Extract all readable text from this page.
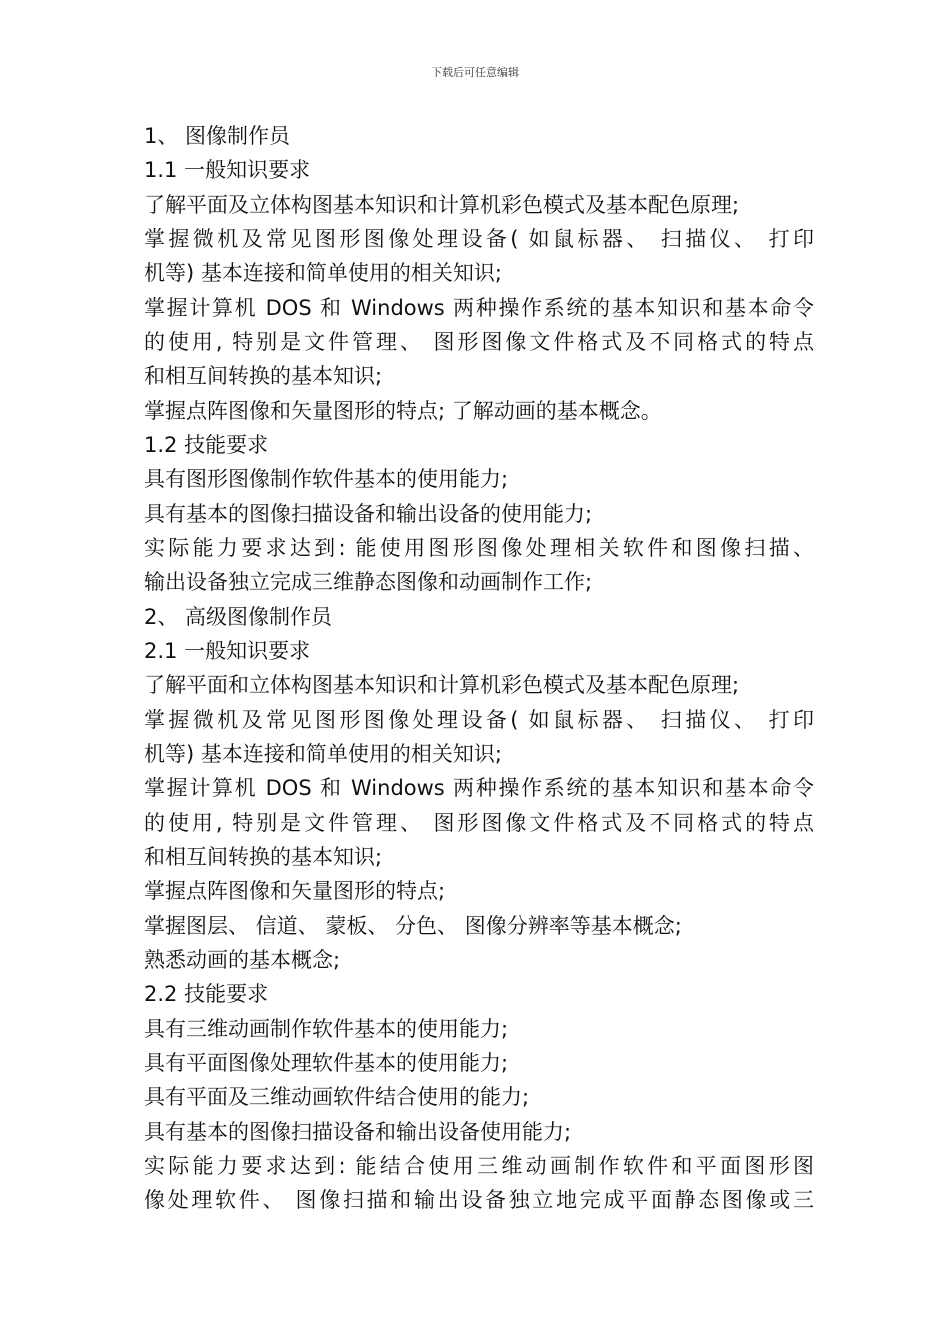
下载后可任意编辑
1、 图像制作员
1.1 一般知识要求
了解平面及立体构图基本知识和计算机彩色模式及基本配色原理;
掌握微机及常见图形图像处理设备( 如鼠标器、 扫描仪、 打印
机等) 基本连接和简单使用的相关知识;
掌握计算机 DOS 和 Windows 两种操作系统的基本知识和基本命令
的使用, 特别是文件管理、 图形图像文件格式及不同格式的特点
和相互间转换的基本知识;
掌握点阵图像和矢量图形的特点; 了解动画的基本概念。
1.2 技能要求
具有图形图像制作软件基本的使用能力;
具有基本的图像扫描设备和输出设备的使用能力;
实际能力要求达到: 能使用图形图像处理相关软件和图像扫描、
输出设备独立完成三维静态图像和动画制作工作;
2、 高级图像制作员
2.1 一般知识要求
了解平面和立体构图基本知识和计算机彩色模式及基本配色原理;
掌握微机及常见图形图像处理设备( 如鼠标器、 扫描仪、 打印
机等) 基本连接和简单使用的相关知识;
掌握计算机 DOS 和 Windows 两种操作系统的基本知识和基本命令
的使用, 特别是文件管理、 图形图像文件格式及不同格式的特点
和相互间转换的基本知识;
掌握点阵图像和矢量图形的特点;
掌握图层、 信道、 蒙板、 分色、 图像分辨率等基本概念;
熟悉动画的基本概念;
2.2 技能要求
具有三维动画制作软件基本的使用能力;
具有平面图像处理软件基本的使用能力;
具有平面及三维动画软件结合使用的能力;
具有基本的图像扫描设备和输出设备使用能力;
实际能力要求达到: 能结合使用三维动画制作软件和平面图形图
像处理软件、 图像扫描和输出设备独立地完成平面静态图像或三
